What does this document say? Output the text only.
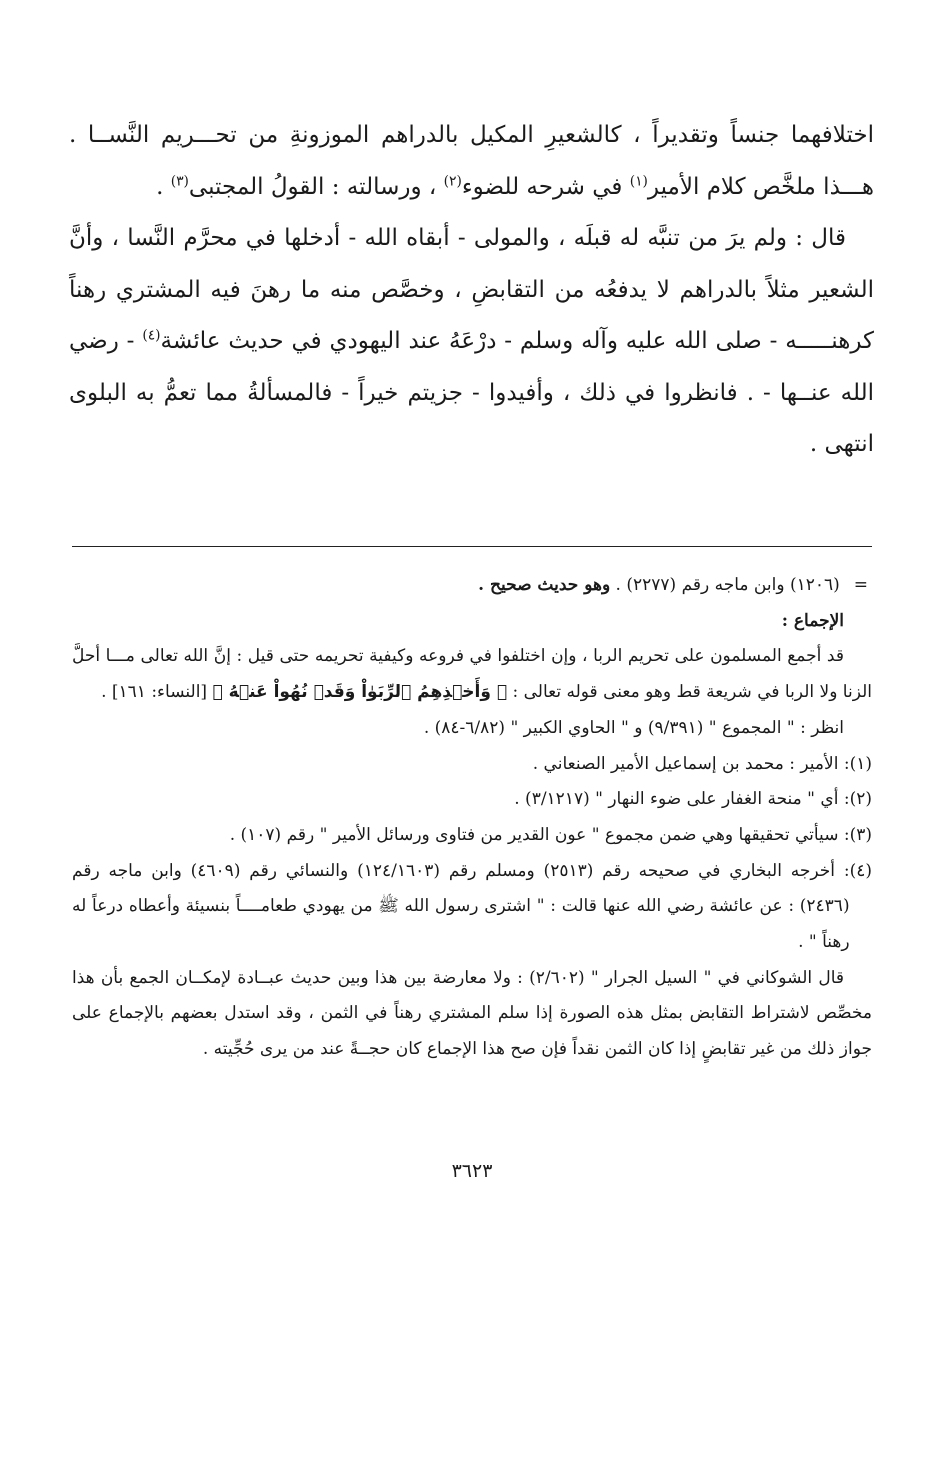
اختلافهما جنساً وتقديراً ، كالشعيرِ المكيل بالدراهم الموزونةِ من تحـــريم النَّســا . هـــذا ملخَّص كلام الأمير$^{(١)}$ في شرحه للضوء$^{(٢)}$ ، ورسالته : القولُ المجتبى$^{(٣)}$ .

قال : ولم يرَ من تنبَّه له قبلَه ، والمولى - أبقاه الله - أدخلها في محرَّم النَّسا ، وأنَّ الشعير مثلاً بالدراهم لا يدفعُه من التقابضِ ، وخصَّص منه ما رهنَ فيه المشتري رهناً كرهنـــــه - صلى الله عليه وآله وسلم - درْعَهُ عند اليهودي في حديث عائشة$^{(٤)}$ - رضي الله عنــها - . فانظروا في ذلك ، وأفيدوا - جزيتم خيراً - فالمسألةُ مما تعمُّ به البلوى انتهى .

=
(١٢٠٦) وابن ماجه رقم (٢٢٧٧) . وهو حديث صحيح .

الإجماع :

قد أجمع المسلمون على تحريم الربا ، وإن اختلفوا في فروعه وكيفية تحريمه حتى قيل : إنَّ الله تعالى مـــا أحلَّ الزنا ولا الربا في شريعة قط وهو معنى قوله تعالى : ﴿ وَأَخۡذِهِمُ ٱلرِّبَوٰاْ وَقَدۡ نُهُواْ عَنۡهُ ﴾ [النساء: ١٦١] .

انظر : " المجموع " (٩/٣٩١) و " الحاوي الكبير " (٦/٨٢-٨٤) .

(١)
: الأمير : محمد بن إسماعيل الأمير الصنعاني .
(٢)
: أي " منحة الغفار على ضوء النهار " (٣/١٢١٧) .
(٣)
: سيأتي تحقيقها وهي ضمن مجموع " عون القدير من فتاوى ورسائل الأمير " رقم (١٠٧) .
(٤)
: أخرجه البخاري في صحيحه رقم (٢٥١٣) ومسلم رقم (١٢٤/١٦٠٣) والنسائي رقم (٤٦٠٩) وابن ماجه رقم (٢٤٣٦) : عن عائشة رضي الله عنها قالت : " اشترى رسول الله ﷺ من يهودي طعامــــاً بنسيئة وأعطاه درعاً له رهناً " .

قال الشوكاني في " السيل الجرار " (٢/٦٠٢) : ولا معارضة بين هذا وبين حديث عبــادة لإمكــان الجمع بأن هذا مخصِّص لاشتراط التقابض بمثل هذه الصورة إذا سلم المشتري رهناً في الثمن ، وقد استدل بعضهم بالإجماع على جواز ذلك من غير تقابضٍ إذا كان الثمن نقداً فإن صح هذا الإجماع كان حجــةً عند من يرى حُجِّيته .

٣٦٢٣
